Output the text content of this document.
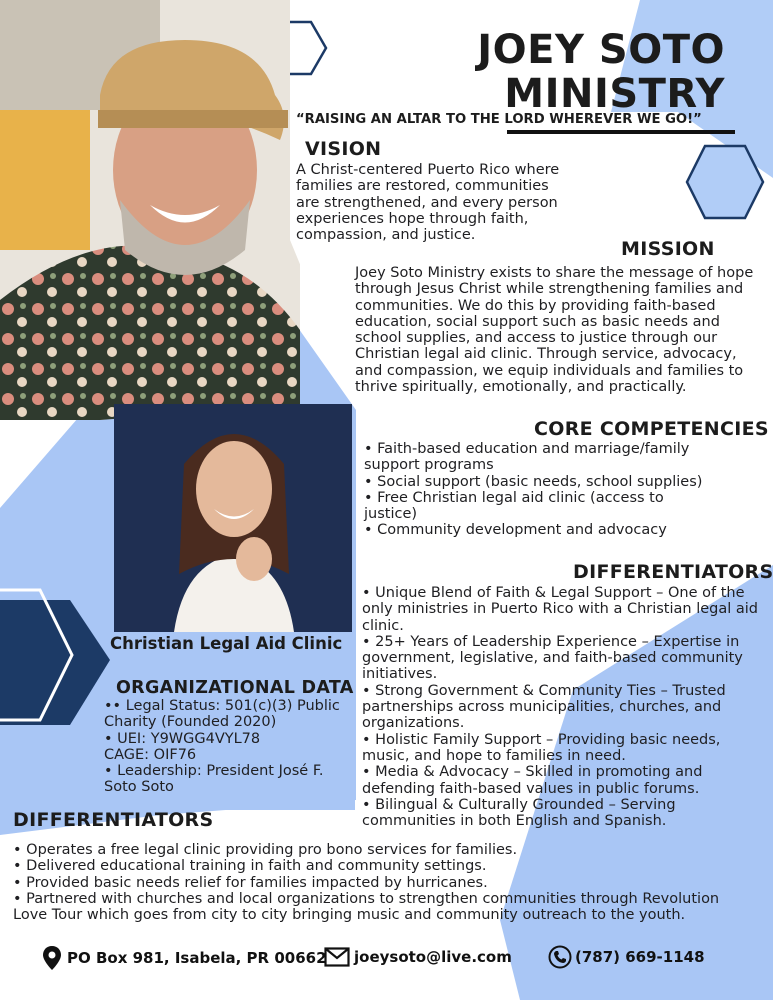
JOEY SOTO
MINISTRY
“RAISING AN ALTAR TO THE LORD WHEREVER WE GO!”
VISION
A Christ-centered Puerto Rico where families are restored, communities are strengthened, and every person experiences hope through faith, compassion, and justice.
MISSION
Joey Soto Ministry exists to share the message of hope through Jesus Christ while strengthening families and communities. We do this by providing faith-based education, social support such as basic needs and school supplies, and access to justice through our Christian legal aid clinic. Through service, advocacy, and compassion, we equip individuals and families to thrive spiritually, emotionally, and practically.
CORE COMPETENCIES
• Faith-based education and marriage/family support programs
• Social support (basic needs, school supplies)
• Free Christian legal aid clinic (access to justice)
• Community development and advocacy
DIFFERENTIATORS
• Unique Blend of Faith & Legal Support – One of the only ministries in Puerto Rico with a Christian legal aid clinic.
• 25+ Years of Leadership Experience – Expertise in government, legislative, and faith-based community initiatives.
• Strong Government & Community Ties – Trusted partnerships across municipalities, churches, and organizations.
• Holistic Family Support – Providing basic needs, music, and hope to families in need.
• Media & Advocacy – Skilled in promoting and defending faith-based values in public forums.
• Bilingual & Culturally Grounded – Serving communities in both English and Spanish.
Christian Legal Aid Clinic
ORGANIZATIONAL DATA
•• Legal Status: 501(c)(3) Public Charity (Founded 2020)
• UEI: Y9WGG4VYL78
CAGE: OIF76
• Leadership: President José F. Soto Soto
DIFFERENTIATORS
• Operates a free legal clinic providing pro bono services for families.
• Delivered educational training in faith and community settings.
• Provided basic needs relief for families impacted by hurricanes.
• Partnered with churches and local organizations to strengthen communities through Revolution Love Tour which goes from city to city bringing music and community outreach to the youth.
PO Box 981, Isabela, PR 00662 joeysoto@live.com	(787) 669-1148
